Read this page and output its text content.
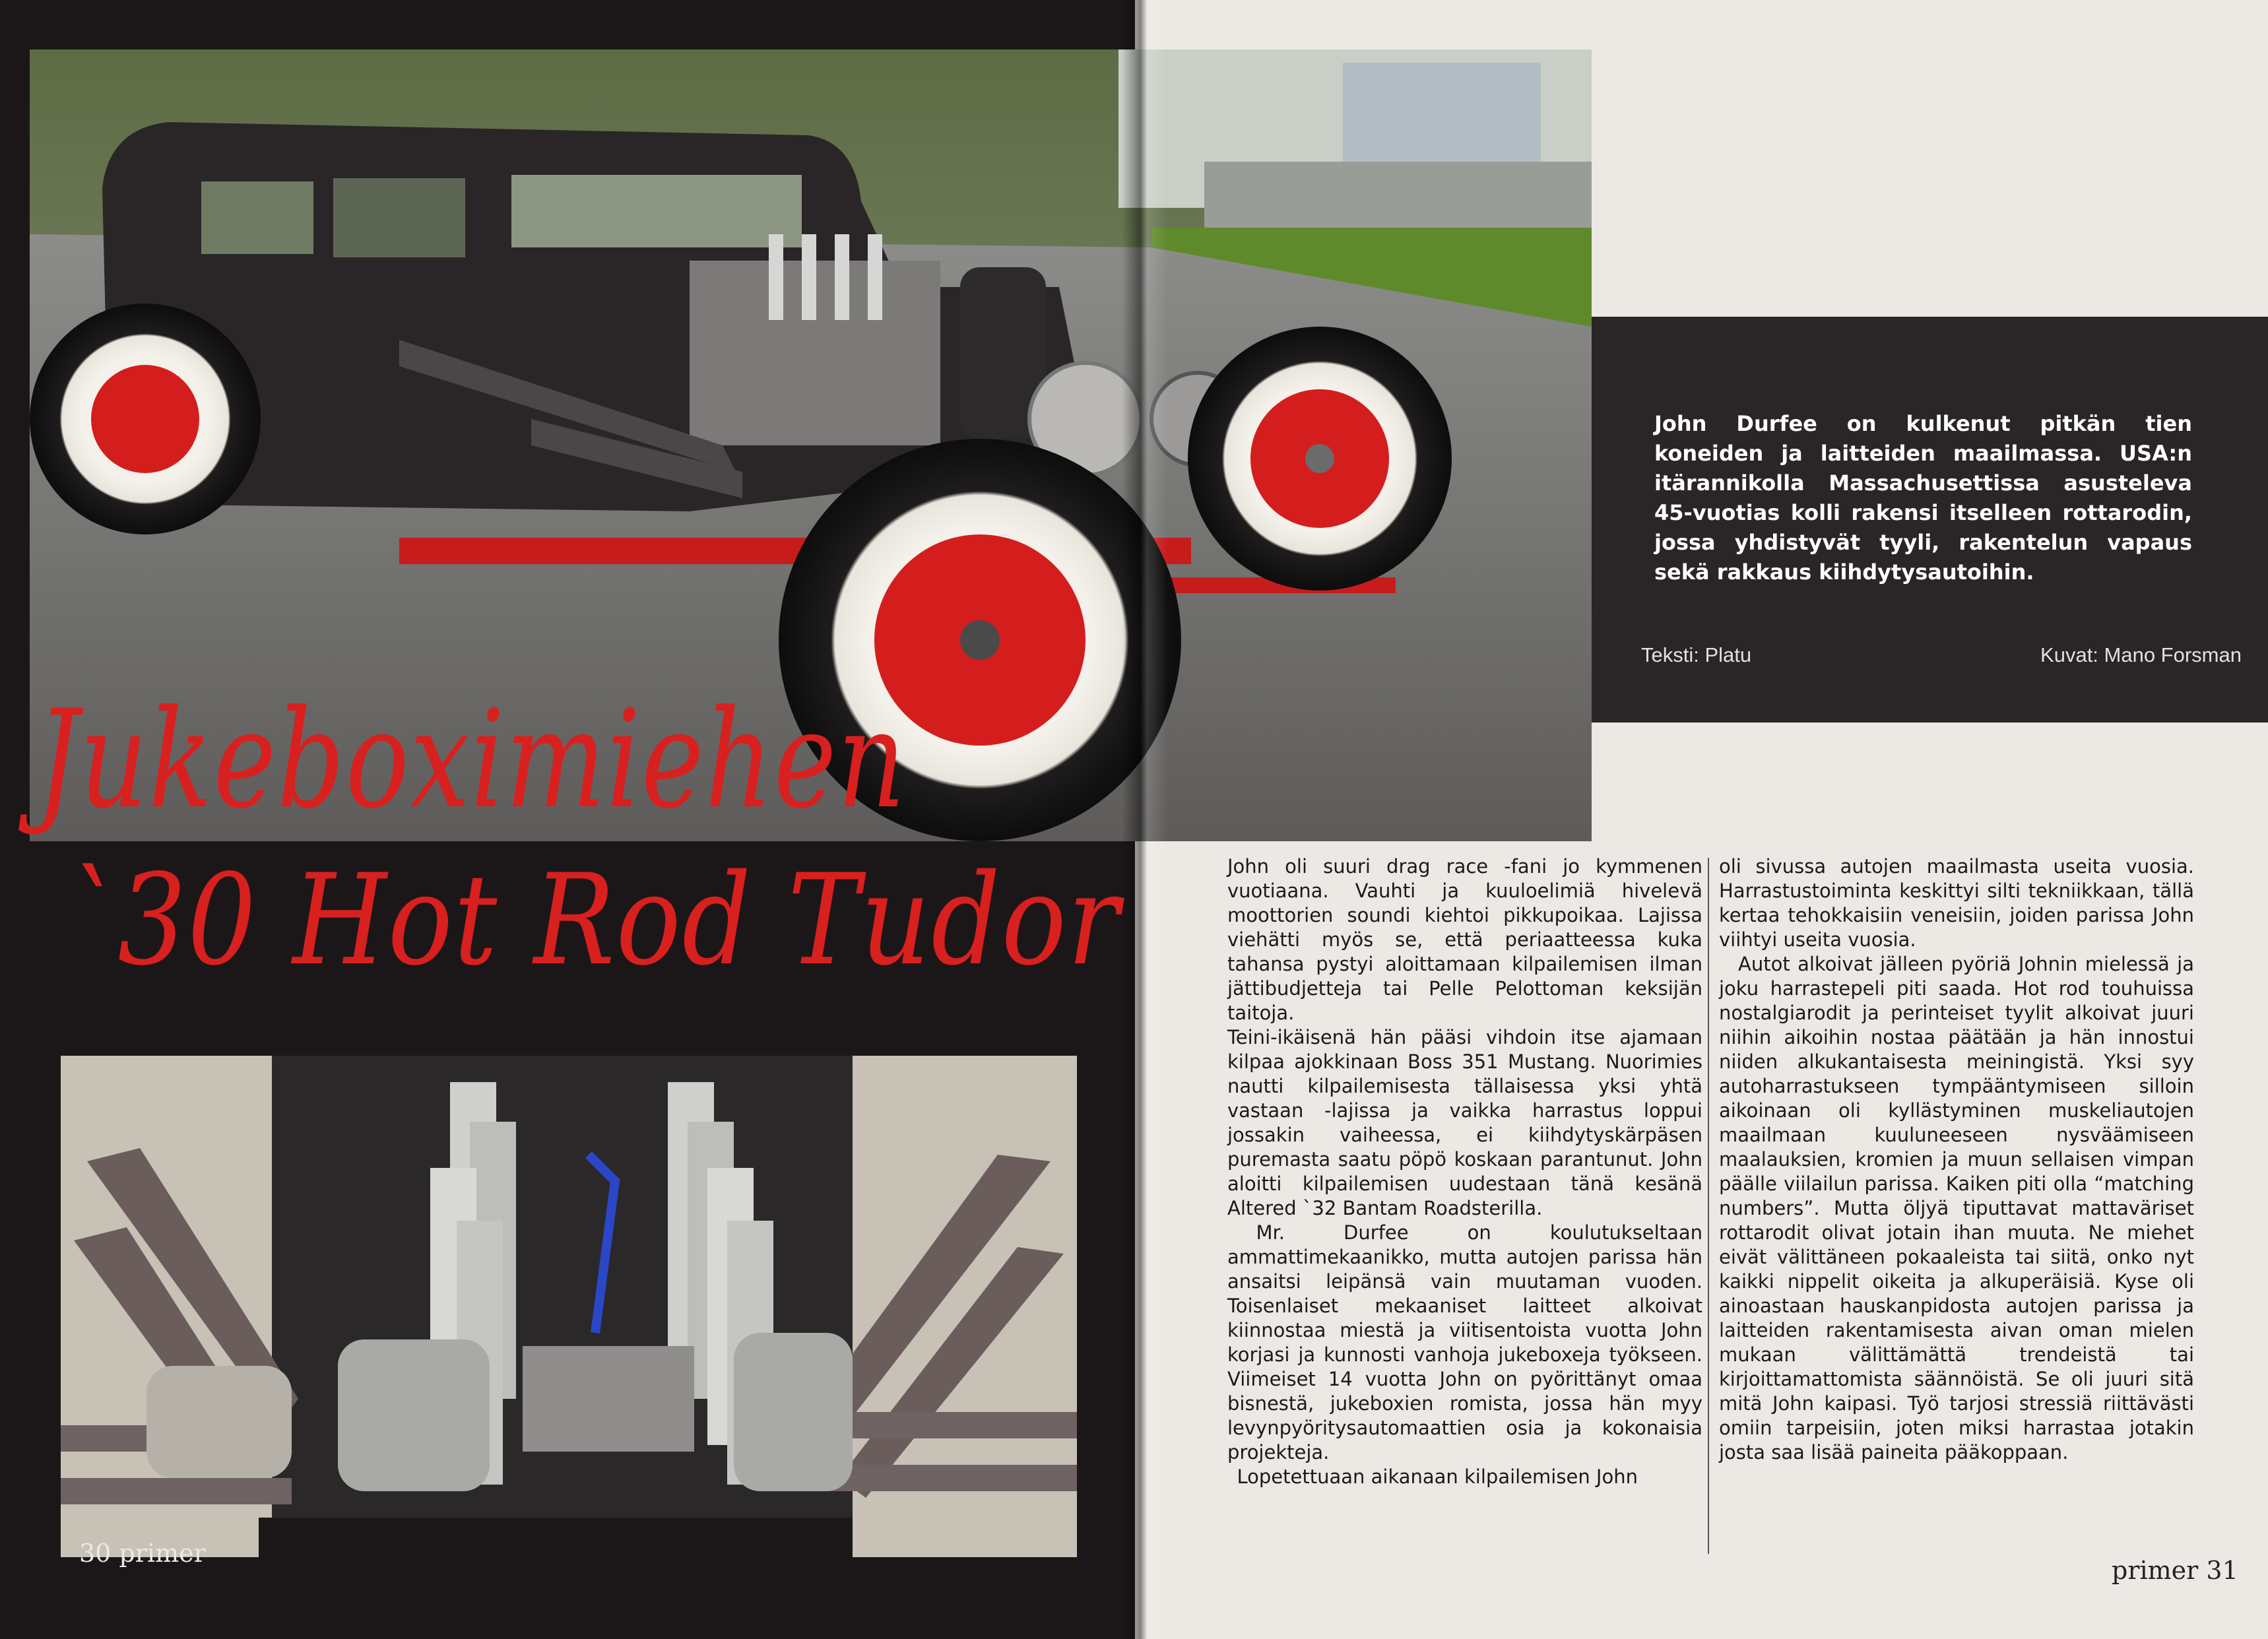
Jukeboximiehen
`30 Hot Rod Tudor
30 primer
John Durfee on kulkenut pitkän tien koneiden ja laitteiden maailmassa. USA:n itärannikolla Massachusettissa asusteleva 45-vuotias kolli rakensi itselleen rottarodin, jossa yhdistyvät tyyli, rakentelun vapaus sekä rakkaus kiihdytysautoihin.
Teksti: Platu	Kuvat: Mano Forsman

John oli suuri drag race -fani jo kymmenen vuotiaana. Vauhti ja kuuloelimiä hivelevä moottorien soundi kiehtoi pikkupoikaa. Lajissa viehätti myös se, että periaatteessa kuka tahansa pystyi aloittamaan kilpailemisen ilman jättibudjetteja tai Pelle Pelottoman keksijän taitoja.

Teini-ikäisenä hän pääsi vihdoin itse ajamaan kilpaa ajokkinaan Boss 351 Mustang. Nuorimies nautti kilpailemisesta tällaisessa yksi yhtä vastaan -lajissa ja vaikka harrastus loppui jossakin vaiheessa, ei kiihdytyskärpäsen puremasta saatu pöpö koskaan parantunut. John aloitti kilpailemisen uudestaan tänä kesänä Altered `32 Bantam Roadsterilla.

Mr. Durfee on koulutukseltaan ammattimekaanikko, mutta autojen parissa hän ansaitsi leipänsä vain muutaman vuoden. Toisenlaiset mekaaniset laitteet alkoivat kiinnostaa miestä ja viitisentoista vuotta John korjasi ja kunnosti vanhoja jukeboxeja työkseen. Viimeiset 14 vuotta John on pyörittänyt omaa bisnestä, jukeboxien romista, jossa hän myy levynpyöritysautomaattien osia ja kokonaisia projekteja.

Lopetettuaan aikanaan kilpailemisen John

oli sivussa autojen maailmasta useita vuosia. Harrastustoiminta keskittyi silti tekniikkaan, tällä kertaa tehokkaisiin veneisiin, joiden parissa John viihtyi useita vuosia.

Autot alkoivat jälleen pyöriä Johnin mielessä ja joku harrastepeli piti saada. Hot rod touhuissa nostalgiarodit ja perinteiset tyylit alkoivat juuri niihin aikoihin nostaa päätään ja hän innostui niiden alkukantaisesta meiningistä. Yksi syy autoharrastukseen tympääntymiseen silloin aikoinaan oli kyllästyminen muskeliautojen maailmaan kuuluneeseen nysväämiseen maalauksien, kromien ja muun sellaisen vimpan päälle viilailun parissa. Kaiken piti olla “matching numbers”. Mutta öljyä tiputtavat mattaväriset rottarodit olivat jotain ihan muuta. Ne miehet eivät välittäneen pokaaleista tai siitä, onko nyt kaikki nippelit oikeita ja alkuperäisiä. Kyse oli ainoastaan hauskanpidosta autojen parissa ja laitteiden rakentamisesta aivan oman mielen mukaan välittämättä trendeistä tai kirjoittamattomista säännöistä. Se oli juuri sitä mitä John kaipasi. Työ tarjosi stressiä riittävästi omiin tarpeisiin, joten miksi harrastaa jotakin josta saa lisää paineita pääkoppaan.

primer 31
